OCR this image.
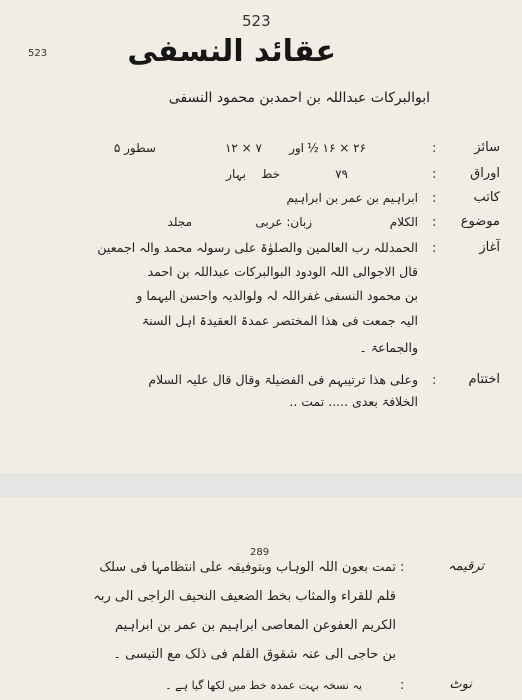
523
523	عقائد النسفی
ابوالبرکات عبداللہ بن احمدبن محمود النسفی
سائز
:
۲۶ × ۱۶ ½
اور
۷ × ۱۲
سطور ۵
اوراق
:
۷۹
خط
بہار
کاتب
:
ابراہیم بن عمر بن ابراہیم
موضوع
:
الکلام
زبان: عربی
مجلد
آغاز
:
الحمدللہ رب العالمین والصلوٰۃ علی رسولہ محمد والہ اجمعین
قال الاجوالی اللہ الودود البوالبرکات عبداللہ بن احمد
بن محمود النسفی غفراللہ لہ ولوالدیہ واحسن الیہما و
الیہ جمعت فی ھذا المختصر عمدۃ العقیدۃ اہل السنۃ
والجماعۃ ۔
اختتام
:
وعلی ھذا ترتیبہم فی الفضیلۃ وقال قال علیہ السلام
الخلافۃ بعدی ..... تمت ..
289
ترقیمہ
:
تمت بعون اللہ الوہاب وبتوفیقہ علی انتظامہا فی سلک
قلم للقراء والمثاب بخط الضعیف النحیف الراجی الی ربہ
الکریم العفوعن المعاصی ابراہیم بن عمر بن ابراہیم
بن حاجی الی عنہ شقوق القلم فی ذلک مع التیسی ۔
نوٹ
:
یہ نسخہ بہت عمدہ خط میں لکھا گیا ہے ۔
